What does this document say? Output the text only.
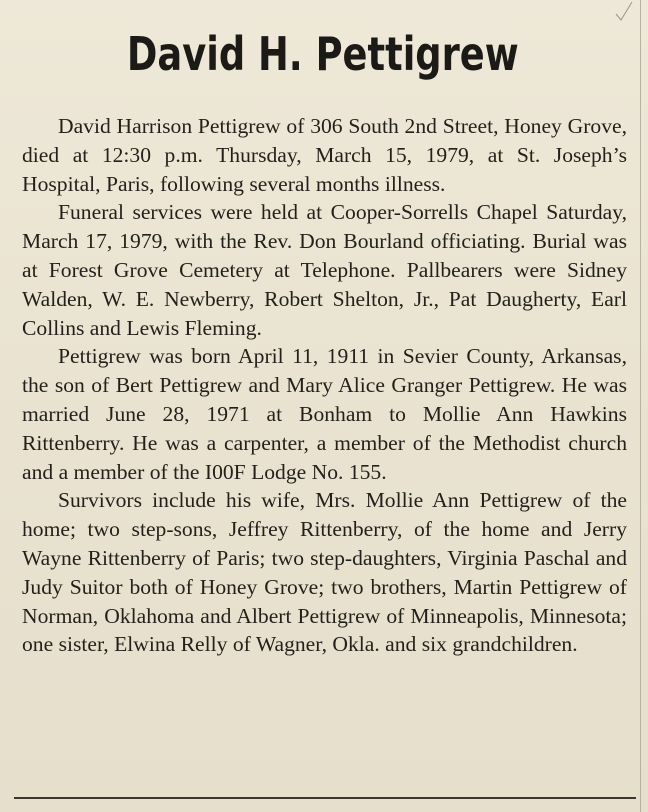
David H. Pettigrew

David Harrison Pettigrew of 306 South 2nd Street, Honey Grove, died at 12:30 p.m. Thursday, March 15, 1979, at St. Joseph’s Hospital, Paris, following several months illness.

Funeral services were held at Cooper-Sorrells Chapel Saturday, March 17, 1979, with the Rev. Don Bourland officiating. Burial was at Forest Grove Cemetery at Telephone. Pallbearers were Sidney Walden, W. E. Newberry, Robert Shelton, Jr., Pat Daugherty, Earl Collins and Lewis Fleming.

Pettigrew was born April 11, 1911 in Sevier County, Arkansas, the son of Bert Pettigrew and Mary Alice Granger Pettigrew. He was married June 28, 1971 at Bonham to Mollie Ann Hawkins Rittenberry. He was a carpenter, a member of the Methodist church and a member of the I00F Lodge No. 155.

Survivors include his wife, Mrs. Mollie Ann Pettigrew of the home; two step-sons, Jeffrey Rittenberry, of the home and Jerry Wayne Rittenberry of Paris; two step-daughters, Virginia Paschal and Judy Suitor both of Honey Grove; two brothers, Martin Pettigrew of Norman, Oklahoma and Albert Pettigrew of Minneapolis, Minnesota; one sister, Elwina Relly of Wagner, Okla. and six grandchildren.
